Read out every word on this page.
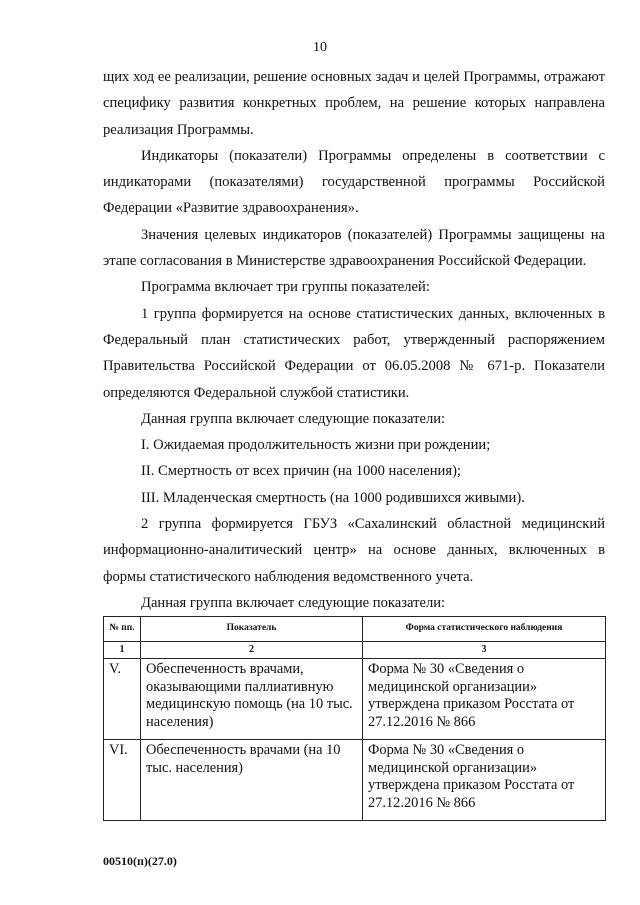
10

щих ход ее реализации, решение основных задач и целей Программы, отражают специфику развития конкретных проблем, на решение которых направлена реализация Программы.

Индикаторы (показатели) Программы определены в соответствии с индикаторами (показателями) государственной программы Российской Федерации «Развитие здравоохранения».

Значения целевых индикаторов (показателей) Программы защищены на этапе согласования в Министерстве здравоохранения Российской Федерации.

Программа включает три группы показателей:

1 группа формируется на основе статистических данных, включенных в Федеральный план статистических работ, утвержденный распоряжением Правительства Российской Федерации от 06.05.2008 № 671-р. Показатели определяются Федеральной службой статистики.

Данная группа включает следующие показатели:

I. Ожидаемая продолжительность жизни при рождении;

II. Смертность от всех причин (на 1000 населения);

III. Младенческая смертность (на 1000 родившихся живыми).

2 группа формируется ГБУЗ «Сахалинский областной медицинский информационно-аналитический центр» на основе данных, включенных в формы статистического наблюдения ведомственного учета.

Данная группа включает следующие показатели:

№ пп.	Показатель	Форма статистического наблюдения
1	2	3
V.	Обеспеченность врачами, оказывающими паллиативную медицинскую помощь (на 10 тыс. населения)	Форма № 30 «Сведения о медицинской организации» утверждена приказом Росстата от 27.12.2016 № 866
VI.	Обеспеченность врачами (на 10 тыс. населения)	Форма № 30 «Сведения о медицинской организации» утверждена приказом Росстата от 27.12.2016 № 866
00510(п)(27.0)
